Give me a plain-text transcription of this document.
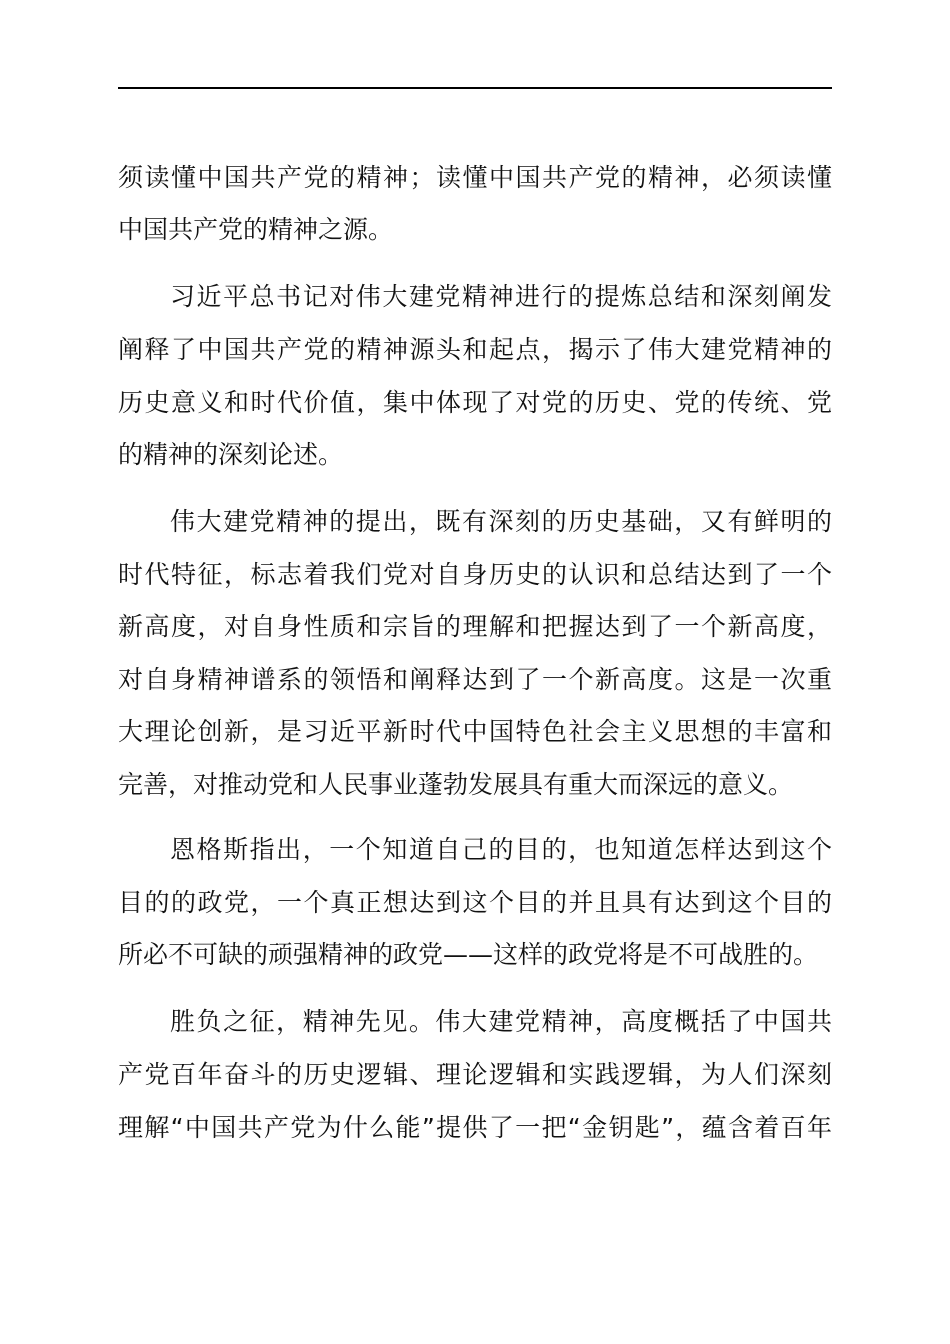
须读懂中国共产党的精神；读懂中国共产党的精神，必须读懂
中国共产党的精神之源。
习近平总书记对伟大建党精神进行的提炼总结和深刻阐发
阐释了中国共产党的精神源头和起点，揭示了伟大建党精神的
历史意义和时代价值，集中体现了对党的历史、党的传统、党
的精神的深刻论述。
伟大建党精神的提出，既有深刻的历史基础，又有鲜明的
时代特征，标志着我们党对自身历史的认识和总结达到了一个
新高度，对自身性质和宗旨的理解和把握达到了一个新高度，
对自身精神谱系的领悟和阐释达到了一个新高度。这是一次重
大理论创新，是习近平新时代中国特色社会主义思想的丰富和
完善，对推动党和人民事业蓬勃发展具有重大而深远的意义。
恩格斯指出，一个知道自己的目的，也知道怎样达到这个
目的的政党，一个真正想达到这个目的并且具有达到这个目的
所必不可缺的顽强精神的政党——这样的政党将是不可战胜的。
胜负之征，精神先见。伟大建党精神，高度概括了中国共
产党百年奋斗的历史逻辑、理论逻辑和实践逻辑，为人们深刻
理解“中国共产党为什么能”提供了一把“金钥匙”，蕴含着百年
